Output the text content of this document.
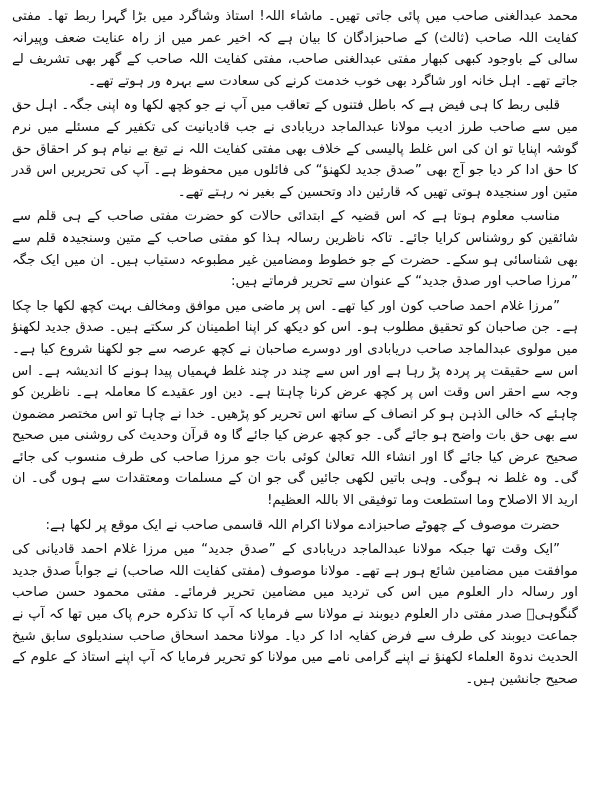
محمد عبدالغنی صاحب میں پائی جاتی تھیں۔ ماشاء اللہ! استاذ وشاگرد میں بڑا گہرا ربط تھا۔ مفتی کفایت اللہ صاحب (ثالث) کے صاحبزادگان کا بیان ہے کہ اخیر عمر میں از راہ عنایت ضعف وپیرانہ سالی کے باوجود کبھی کبھار مفتی عبدالغنی صاحب، مفتی کفایت اللہ صاحب کے گھر بھی تشریف لے جاتے تھے۔ اہل خانہ اور شاگرد بھی خوب خدمت کرنے کی سعادت سے بہرہ ور ہوتے تھے۔

قلبی ربط کا ہی فیض ہے کہ باطل فتنوں کے تعاقب میں آپ نے جو کچھ لکھا وہ اپنی جگہ۔ اہل حق میں سے صاحب طرز ادیب مولانا عبدالماجد دریابادی نے جب قادیانیت کی تکفیر کے مسئلے میں نرم گوشہ اپنایا تو ان کی اس غلط پالیسی کے خلاف بھی مفتی کفایت اللہ نے تیغ بے نیام ہو کر احقاق حق کا حق ادا کر دیا جو آج بھی ”صدق جدید لکھنؤ“ کی فائلوں میں محفوظ ہے۔ آپ کی تحریریں اس قدر متین اور سنجیدہ ہوتی تھیں کہ قارئین داد وتحسین کے بغیر نہ رہتے تھے۔

مناسب معلوم ہوتا ہے کہ اس قضیہ کے ابتدائی حالات کو حضرت مفتی صاحب کے ہی قلم سے شائقین کو روشناس کرایا جائے۔ تاکہ ناظرین رسالہ ہذا کو مفتی صاحب کے متین وسنجیدہ قلم سے بھی شناسائی ہو سکے۔ حضرت کے جو خطوط ومضامین غیر مطبوعہ دستیاب ہیں۔ ان میں ایک جگہ ”مرزا صاحب اور صدق جدید“ کے عنوان سے تحریر فرماتے ہیں:

”مرزا غلام احمد صاحب کون اور کیا تھے۔ اس پر ماضی میں موافق ومخالف بہت کچھ لکھا جا چکا ہے۔ جن صاحبان کو تحقیق مطلوب ہو۔ اس کو دیکھ کر اپنا اطمینان کر سکتے ہیں۔ صدق جدید لکھنؤ میں مولوی عبدالماجد صاحب دریابادی اور دوسرے صاحبان نے کچھ عرصہ سے جو لکھنا شروع کیا ہے۔ اس سے حقیقت پر پردہ پڑ رہا ہے اور اس سے چند در چند غلط فہمیاں پیدا ہونے کا اندیشہ ہے۔ اس وجہ سے احقر اس وقت اس پر کچھ عرض کرنا چاہتا ہے۔ دین اور عقیدے کا معاملہ ہے۔ ناظرین کو چاہئے کہ خالی الذہن ہو کر انصاف کے ساتھ اس تحریر کو پڑھیں۔ خدا نے چاہا تو اس مختصر مضمون سے بھی حق بات واضح ہو جائے گی۔ جو کچھ عرض کیا جائے گا وہ قرآن وحدیث کی روشنی میں صحیح صحیح عرض کیا جائے گا اور انشاء اللہ تعالیٰ کوئی بات جو مرزا صاحب کی طرف منسوب کی جائے گی۔ وہ غلط نہ ہوگی۔ وہی باتیں لکھی جائیں گی جو ان کے مسلمات ومعتقدات سے ہوں گی۔ ان ارید الا الاصلاح وما استطعت وما توفیقی الا باللہ العظیم!

حضرت موصوف کے چھوٹے صاحبزادے مولانا اکرام اللہ قاسمی صاحب نے ایک موقع پر لکھا ہے:

”ایک وقت تھا جبکہ مولانا عبدالماجد دریابادی کے ”صدق جدید“ میں مرزا غلام احمد قادیانی کی موافقت میں مضامین شائع ہور ہے تھے۔ مولانا موصوف (مفتی کفایت اللہ صاحب) نے جواباً صدق جدید اور رسالہ دار العلوم میں اس کی تردید میں مضامین تحریر فرمائے۔ مفتی محمود حسن صاحب گنگوہیؒ صدر مفتی دار العلوم دیوبند نے مولانا سے فرمایا کہ آپ کا تذکرہ حرم پاک میں تھا کہ آپ نے جماعت دیوبند کی طرف سے فرض کفایہ ادا کر دیا۔ مولانا محمد اسحاق صاحب سندیلوی سابق شیخ الحدیث ندوۃ العلماء لکھنؤ نے اپنے گرامی نامے میں مولانا کو تحریر فرمایا کہ آپ اپنے استاذ کے علوم کے صحیح جانشین ہیں۔
